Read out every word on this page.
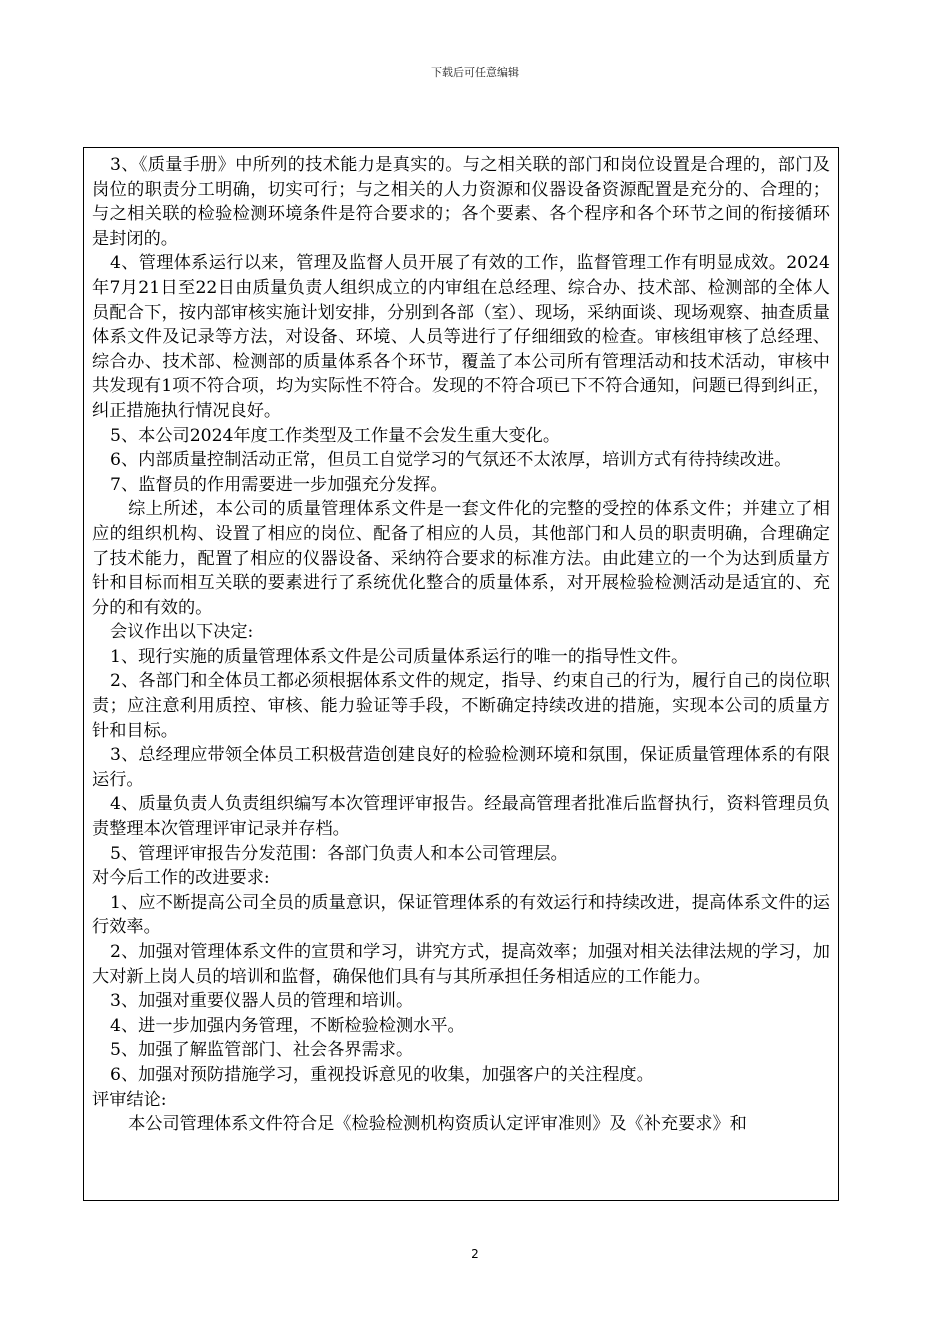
下载后可任意编辑

3、《质量手册》中所列的技术能力是真实的。与之相关联的部门和岗位设置是合理的，部门及岗位的职责分工明确，切实可行；与之相关的人力资源和仪器设备资源配置是充分的、合理的；与之相关联的检验检测环境条件是符合要求的；各个要素、各个程序和各个环节之间的衔接循环是封闭的。

4、管理体系运行以来，管理及监督人员开展了有效的工作，监督管理工作有明显成效。2024年7月21日至22日由质量负责人组织成立的内审组在总经理、综合办、技术部、检测部的全体人员配合下，按内部审核实施计划安排，分别到各部（室）、现场，采纳面谈、现场观察、抽查质量体系文件及记录等方法，对设备、环境、人员等进行了仔细细致的检查。审核组审核了总经理、综合办、技术部、检测部的质量体系各个环节，覆盖了本公司所有管理活动和技术活动，审核中共发现有1项不符合项，均为实际性不符合。发现的不符合项已下不符合通知，问题已得到纠正，纠正措施执行情况良好。

5、本公司2024年度工作类型及工作量不会发生重大变化。

6、内部质量控制活动正常，但员工自觉学习的气氛还不太浓厚，培训方式有待持续改进。

7、监督员的作用需要进一步加强充分发挥。

综上所述，本公司的质量管理体系文件是一套文件化的完整的受控的体系文件；并建立了相应的组织机构、设置了相应的岗位、配备了相应的人员，其他部门和人员的职责明确，合理确定了技术能力，配置了相应的仪器设备、采纳符合要求的标准方法。由此建立的一个为达到质量方针和目标而相互关联的要素进行了系统优化整合的质量体系，对开展检验检测活动是适宜的、充分的和有效的。

会议作出以下决定:

1、现行实施的质量管理体系文件是公司质量体系运行的唯一的指导性文件。

2、各部门和全体员工都必须根据体系文件的规定，指导、约束自己的行为，履行自己的岗位职责；应注意利用质控、审核、能力验证等手段，不断确定持续改进的措施，实现本公司的质量方针和目标。

3、总经理应带领全体员工积极营造创建良好的检验检测环境和氛围，保证质量管理体系的有限运行。

4、质量负责人负责组织编写本次管理评审报告。经最高管理者批准后监督执行，资料管理员负责整理本次管理评审记录并存档。

5、管理评审报告分发范围：各部门负责人和本公司管理层。

对今后工作的改进要求:

1、应不断提高公司全员的质量意识，保证管理体系的有效运行和持续改进，提高体系文件的运行效率。

2、加强对管理体系文件的宣贯和学习，讲究方式，提高效率；加强对相关法律法规的学习，加大对新上岗人员的培训和监督，确保他们具有与其所承担任务相适应的工作能力。

3、加强对重要仪器人员的管理和培训。

4、进一步加强内务管理，不断检验检测水平。

5、加强了解监管部门、社会各界需求。

6、加强对预防措施学习，重视投诉意见的收集，加强客户的关注程度。

评审结论:

本公司管理体系文件符合足《检验检测机构资质认定评审准则》及《补充要求》和

2
